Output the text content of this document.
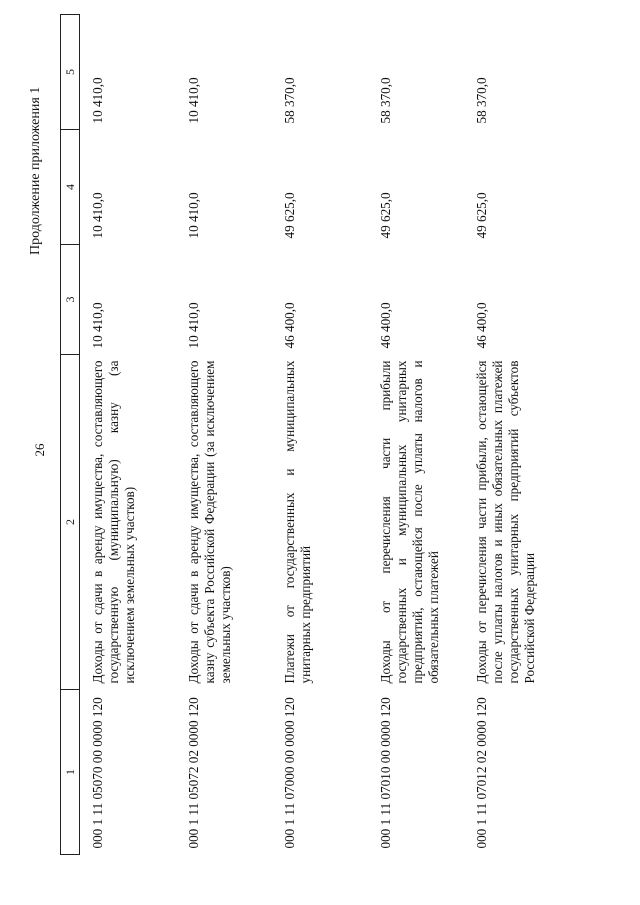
26
Продолжение приложения 1
1	2	3	4	5
000 1 11 05070 00 0000 120	Доходы от сдачи в аренду имущества, составляющего государственную (муниципальную) казну (за исключением земельных участков)	10 410,0	10 410,0	10 410,0
000 1 11 05072 02 0000 120	Доходы от сдачи в аренду имущества, составляющего казну субъекта Российской Федерации (за исключением земельных участков)	10 410,0	10 410,0	10 410,0
000 1 11 07000 00 0000 120	Платежи от государственных и муниципальных унитарных предприятий	46 400,0	49 625,0	58 370,0
000 1 11 07010 00 0000 120	Доходы от перечисления части прибыли государственных и муниципальных унитарных предприятий, остающейся после уплаты налогов и обязательных платежей	46 400,0	49 625,0	58 370,0
000 1 11 07012 02 0000 120	Доходы от перечисления части прибыли, остающейся после уплаты налогов и иных обязательных платежей государственных унитарных предприятий субъектов Российской Федерации	46 400,0	49 625,0	58 370,0
